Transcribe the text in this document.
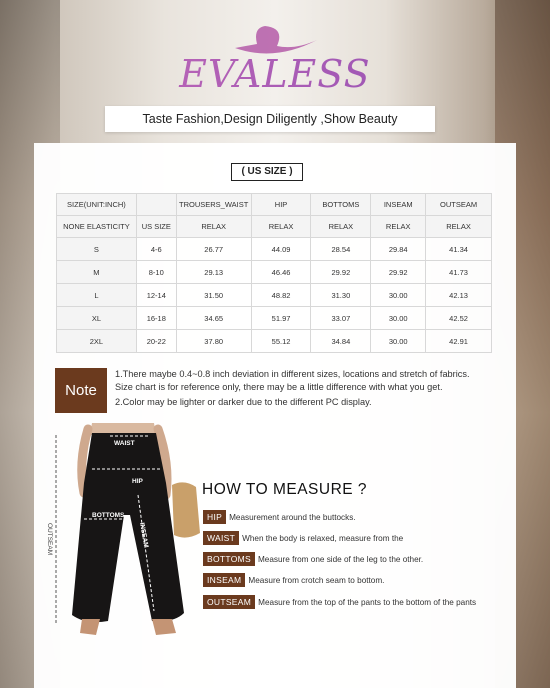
EVALESS
Taste Fashion,Design Diligently ,Show Beauty
( US SIZE )
SIZE(UNIT:INCH)		TROUSERS_WAIST	HIP	BOTTOMS	INSEAM	OUTSEAM
NONE ELASTICITY	US SIZE	RELAX	RELAX	RELAX	RELAX	RELAX
S	4-6	26.77	44.09	28.54	29.84	41.34
M	8-10	29.13	46.46	29.92	29.92	41.73
L	12-14	31.50	48.82	31.30	30.00	42.13
XL	16-18	34.65	51.97	33.07	30.00	42.52
2XL	20-22	37.80	55.12	34.84	30.00	42.91
Note
1.There maybe 0.4~0.8 inch deviation in different sizes, locations and stretch of fabrics.
Size chart is for reference only, there may be a little difference with what you get.
2.Color may be lighter or darker due to the different PC display.
WAIST
HIP
BOTTOMS
INSEAM
OUTSEAM
HOW TO MEASURE ?
HIP Measurement around the buttocks.
WAIST When the body is relaxed, measure from the
BOTTOMS Measure from one side of the leg to the other.
INSEAM Measure from crotch seam to bottom.
OUTSEAM Measure from the top of the pants to the bottom of the pants
